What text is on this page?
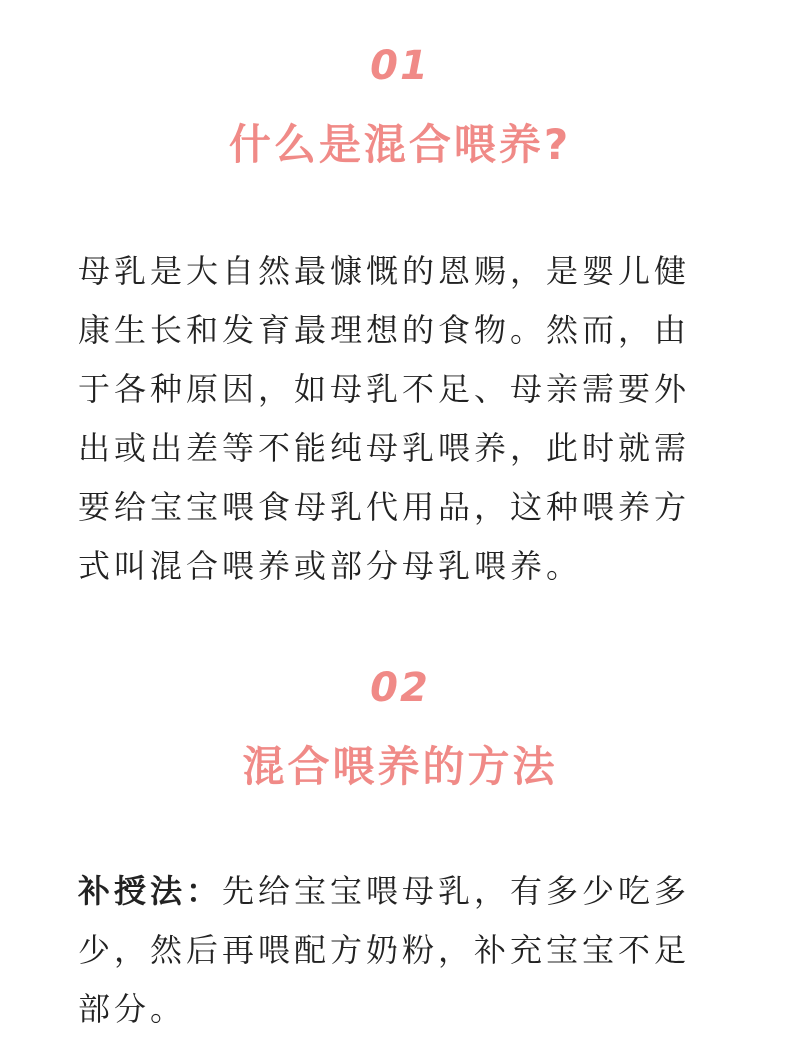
01
什么是混合喂养?
母乳是大自然最慷慨的恩赐，是婴儿健
康生长和发育最理想的食物。然而，由
于各种原因，如母乳不足、母亲需要外
出或出差等不能纯母乳喂养，此时就需
要给宝宝喂食母乳代用品，这种喂养方
式叫混合喂养或部分母乳喂养。
02
混合喂养的方法
补授法：先给宝宝喂母乳，有多少吃多
少，然后再喂配方奶粉，补充宝宝不足
部分。
